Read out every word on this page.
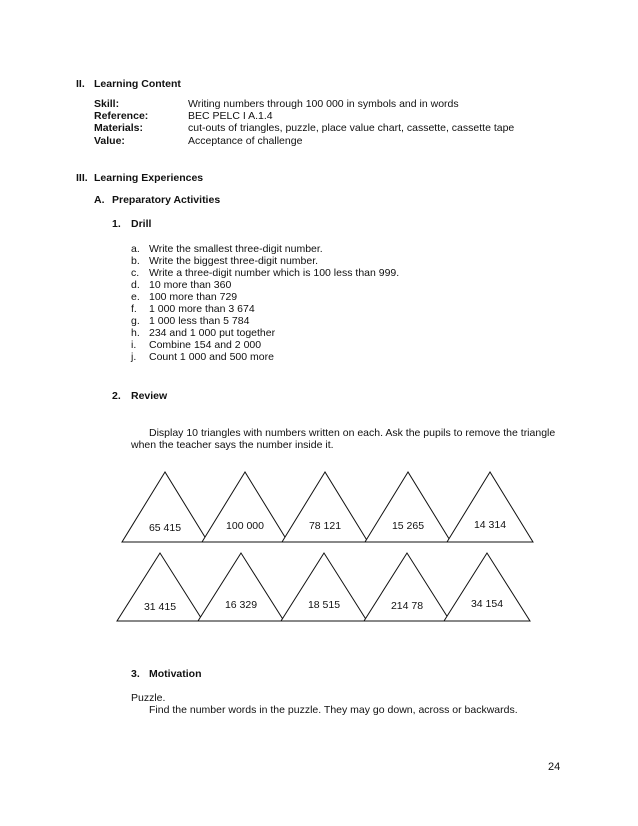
II. Learning Content
Skill:	Writing numbers through 100 000 in symbols and in words
Reference:	BEC PELC I A.1.4
Materials:	cut-outs of triangles, puzzle, place value chart, cassette, cassette tape
Value:	Acceptance of challenge
III. Learning Experiences
A. Preparatory Activities
1. Drill
a. Write the smallest three-digit number.
b. Write the biggest three-digit number.
c. Write a three-digit number which is 100 less than 999.
d. 10 more than 360
e. 100 more than 729
f. 1 000 more than 3 674
g. 1 000 less than 5 784
h. 234 and 1 000 put together
i. Combine 154 and 2 000
j. Count 1 000 and 500 more
2. Review
Display 10 triangles with numbers written on each. Ask the pupils to remove the triangle
when the teacher says the number inside it.
65 415	100 000	78 121	15 265	14 314
31 415	16 329	18 515	214 78	34 154
3. Motivation
Puzzle.
Find the number words in the puzzle. They may go down, across or backwards.
24
